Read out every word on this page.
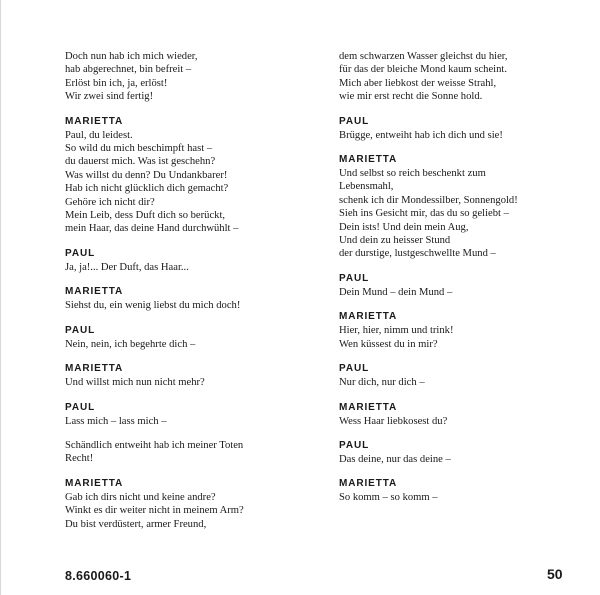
Doch nun hab ich mich wieder,
hab abgerechnet, bin befreit –
Erlöst bin ich, ja, erlöst!
Wir zwei sind fertig!
MARIETTA
Paul, du leidest.
So wild du mich beschimpft hast –
du dauerst mich. Was ist geschehn?
Was willst du denn? Du Undankbarer!
Hab ich nicht glücklich dich gemacht?
Gehöre ich nicht dir?
Mein Leib, dess Duft dich so berückt,
mein Haar, das deine Hand durchwühlt –
PAUL
Ja, ja!... Der Duft, das Haar...
MARIETTA
Siehst du, ein wenig liebst du mich doch!
PAUL
Nein, nein, ich begehrte dich –
MARIETTA
Und willst mich nun nicht mehr?
PAUL
Lass mich – lass mich –
Schändlich entweiht hab ich meiner Toten
Recht!
MARIETTA
Gab ich dirs nicht und keine andre?
Winkt es dir weiter nicht in meinem Arm?
Du bist verdüstert, armer Freund,
dem schwarzen Wasser gleichst du hier,
für das der bleiche Mond kaum scheint.
Mich aber liebkost der weisse Strahl,
wie mir erst recht die Sonne hold.
PAUL
Brügge, entweiht hab ich dich und sie!
MARIETTA
Und selbst so reich beschenkt zum
Lebensmahl,
schenk ich dir Mondessilber, Sonnengold!
Sieh ins Gesicht mir, das du so geliebt –
Dein ists! Und dein mein Aug,
Und dein zu heisser Stund
der durstige, lustgeschwellte Mund –
PAUL
Dein Mund – dein Mund –
MARIETTA
Hier, hier, nimm und trink!
Wen küssest du in mir?
PAUL
Nur dich, nur dich –
MARIETTA
Wess Haar liebkosest du?
PAUL
Das deine, nur das deine –
MARIETTA
So komm – so komm –
8.660060-1	50
